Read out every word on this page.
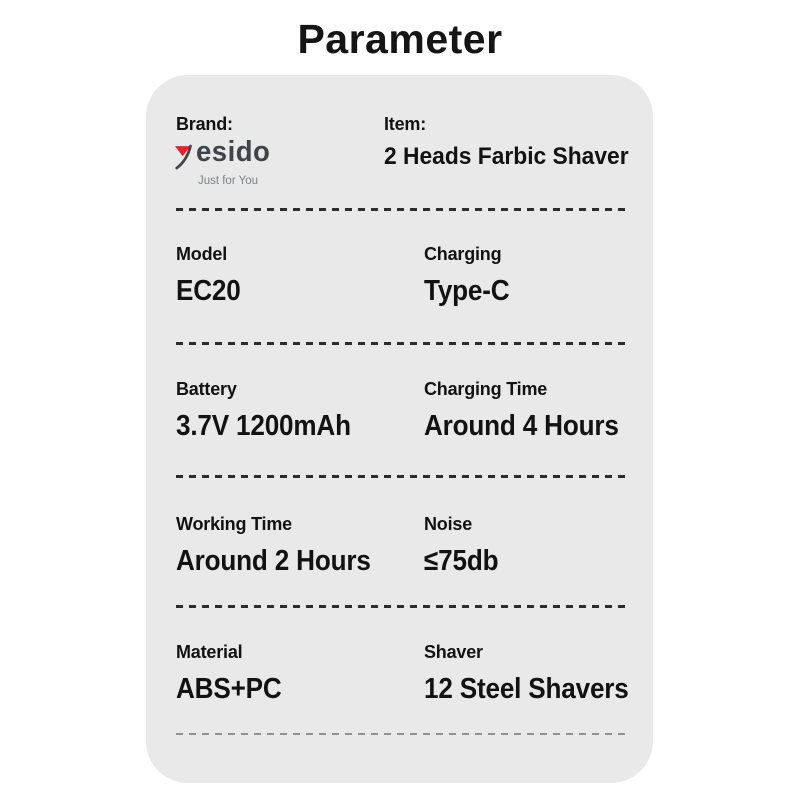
Parameter
Brand:
esido
Just for You
Item:
2 Heads Farbic Shaver
Model
EC20
Charging
Type-C
Battery
3.7V 1200mAh
Charging Time
Around 4 Hours
Working Time
Around 2 Hours
Noise
≤75db
Material
ABS+PC
Shaver
12 Steel Shavers
